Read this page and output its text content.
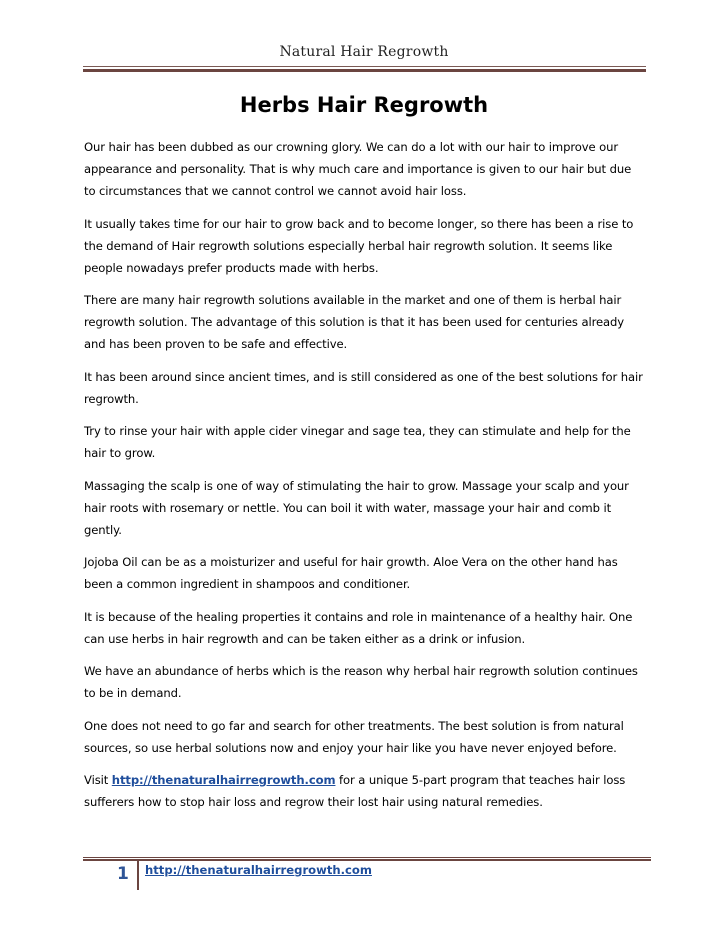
Natural Hair Regrowth
Herbs Hair Regrowth

Our hair has been dubbed as our crowning glory. We can do a lot with our hair to improve our appearance and personality. That is why much care and importance is given to our hair but due to circumstances that we cannot control we cannot avoid hair loss.

It usually takes time for our hair to grow back and to become longer, so there has been a rise to the demand of Hair regrowth solutions especially herbal hair regrowth solution. It seems like people nowadays prefer products made with herbs.

There are many hair regrowth solutions available in the market and one of them is herbal hair regrowth solution. The advantage of this solution is that it has been used for centuries already and has been proven to be safe and effective.

It has been around since ancient times, and is still considered as one of the best solutions for hair regrowth.

Try to rinse your hair with apple cider vinegar and sage tea, they can stimulate and help for the hair to grow.

Massaging the scalp is one of way of stimulating the hair to grow. Massage your scalp and your hair roots with rosemary or nettle. You can boil it with water, massage your hair and comb it gently.

Jojoba Oil can be as a moisturizer and useful for hair growth. Aloe Vera on the other hand has been a common ingredient in shampoos and conditioner.

It is because of the healing properties it contains and role in maintenance of a healthy hair. One can use herbs in hair regrowth and can be taken either as a drink or infusion.

We have an abundance of herbs which is the reason why herbal hair regrowth solution continues to be in demand.

One does not need to go far and search for other treatments. The best solution is from natural sources, so use herbal solutions now and enjoy your hair like you have never enjoyed before.

Visit http://thenaturalhairregrowth.com for a unique 5-part program that teaches hair loss sufferers how to stop hair loss and regrow their lost hair using natural remedies.

1 http://thenaturalhairregrowth.com
